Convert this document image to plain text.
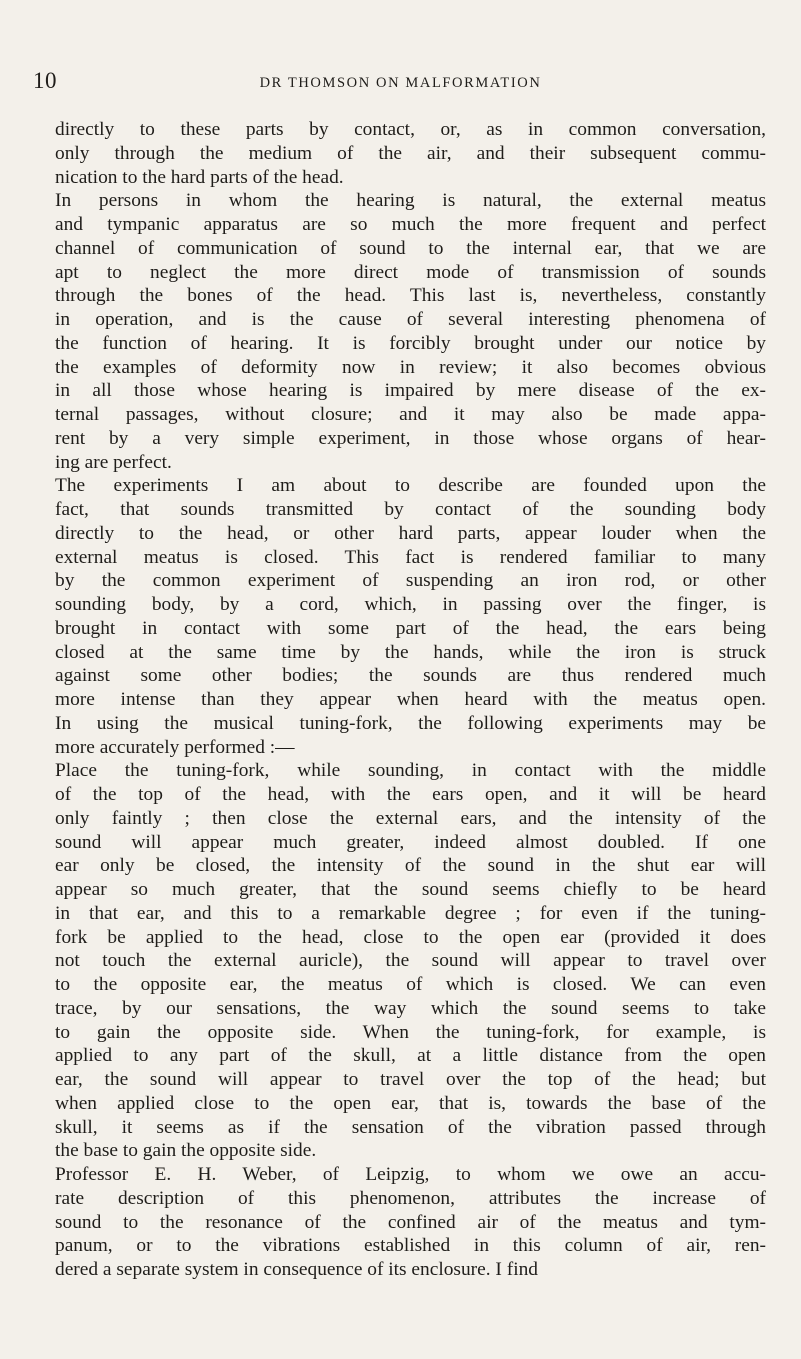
10	DR THOMSON ON MALFORMATION

directly to these parts by contact, or, as in common conversation,
only through the medium of the air, and their subsequent commu-
nication to the hard parts of the head.

In persons in whom the hearing is natural, the external meatus
and tympanic apparatus are so much the more frequent and perfect
channel of communication of sound to the internal ear, that we are
apt to neglect the more direct mode of transmission of sounds
through the bones of the head. This last is, nevertheless, constantly
in operation, and is the cause of several interesting phenomena of
the function of hearing. It is forcibly brought under our notice by
the examples of deformity now in review; it also becomes obvious
in all those whose hearing is impaired by mere disease of the ex-
ternal passages, without closure; and it may also be made appa-
rent by a very simple experiment, in those whose organs of hear-
ing are perfect.

The experiments I am about to describe are founded upon the
fact, that sounds transmitted by contact of the sounding body
directly to the head, or other hard parts, appear louder when the
external meatus is closed. This fact is rendered familiar to many
by the common experiment of suspending an iron rod, or other
sounding body, by a cord, which, in passing over the finger, is
brought in contact with some part of the head, the ears being
closed at the same time by the hands, while the iron is struck
against some other bodies; the sounds are thus rendered much
more intense than they appear when heard with the meatus open.
In using the musical tuning-fork, the following experiments may be
more accurately performed :—

Place the tuning-fork, while sounding, in contact with the middle
of the top of the head, with the ears open, and it will be heard
only faintly ; then close the external ears, and the intensity of the
sound will appear much greater, indeed almost doubled. If one
ear only be closed, the intensity of the sound in the shut ear will
appear so much greater, that the sound seems chiefly to be heard
in that ear, and this to a remarkable degree ; for even if the tuning-
fork be applied to the head, close to the open ear (provided it does
not touch the external auricle), the sound will appear to travel over
to the opposite ear, the meatus of which is closed. We can even
trace, by our sensations, the way which the sound seems to take
to gain the opposite side. When the tuning-fork, for example, is
applied to any part of the skull, at a little distance from the open
ear, the sound will appear to travel over the top of the head; but
when applied close to the open ear, that is, towards the base of the
skull, it seems as if the sensation of the vibration passed through
the base to gain the opposite side.

Professor E. H. Weber, of Leipzig, to whom we owe an accu-
rate description of this phenomenon, attributes the increase of
sound to the resonance of the confined air of the meatus and tym-
panum, or to the vibrations established in this column of air, ren-
dered a separate system in consequence of its enclosure. I find
